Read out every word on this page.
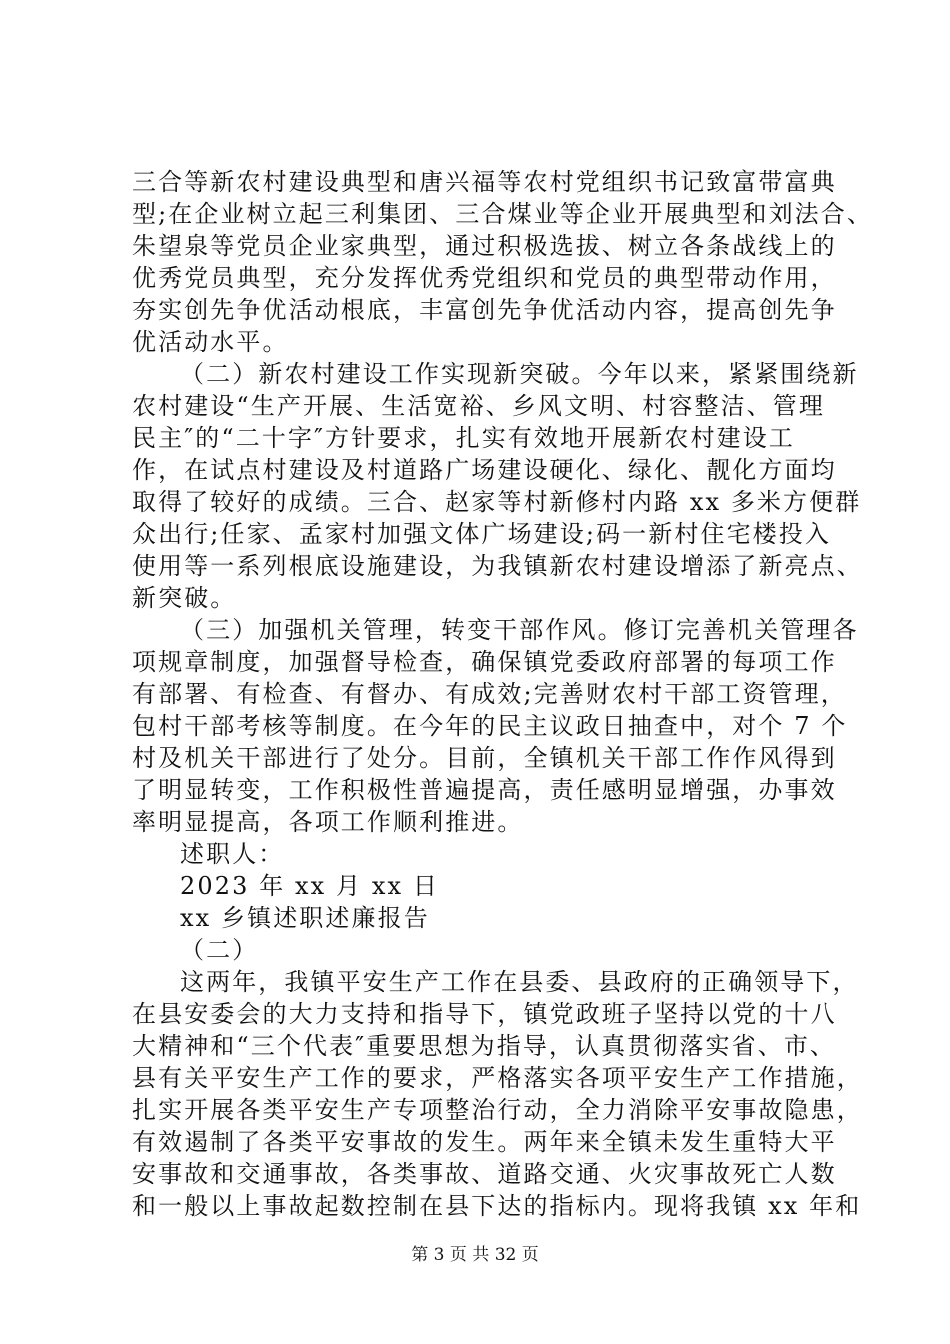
三合等新农村建设典型和唐兴福等农村党组织书记致富带富典
型;在企业树立起三利集团、三合煤业等企业开展典型和刘法合、
朱望泉等党员企业家典型，通过积极选拔、树立各条战线上的
优秀党员典型，充分发挥优秀党组织和党员的典型带动作用，
夯实创先争优活动根底，丰富创先争优活动内容，提高创先争
优活动水平。
（二）新农村建设工作实现新突破。今年以来，紧紧围绕新
农村建设“生产开展、生活宽裕、乡风文明、村容整洁、管理
民主″的“二十字″方针要求，扎实有效地开展新农村建设工
作，在试点村建设及村道路广场建设硬化、绿化、靓化方面均
取得了较好的成绩。三合、赵家等村新修村内路 xx 多米方便群
众出行;任家、孟家村加强文体广场建设;码一新村住宅楼投入
使用等一系列根底设施建设，为我镇新农村建设增添了新亮点、
新突破。
（三）加强机关管理，转变干部作风。修订完善机关管理各
项规章制度，加强督导检查，确保镇党委政府部署的每项工作
有部署、有检查、有督办、有成效;完善财农村干部工资管理，
包村干部考核等制度。在今年的民主议政日抽查中，对个 7 个
村及机关干部进行了处分。目前，全镇机关干部工作作风得到
了明显转变，工作积极性普遍提高，责任感明显增强，办事效
率明显提高，各项工作顺利推进。
述职人：
2023 年 xx 月 xx 日
xx 乡镇述职述廉报告
（二）
这两年，我镇平安生产工作在县委、县政府的正确领导下，
在县安委会的大力支持和指导下，镇党政班子坚持以党的十八
大精神和“三个代表″重要思想为指导，认真贯彻落实省、市、
县有关平安生产工作的要求，严格落实各项平安生产工作措施，
扎实开展各类平安生产专项整治行动，全力消除平安事故隐患，
有效遏制了各类平安事故的发生。两年来全镇未发生重特大平
安事故和交通事故，各类事故、道路交通、火灾事故死亡人数
和一般以上事故起数控制在县下达的指标内。现将我镇 xx 年和
第 3 页 共 32 页
